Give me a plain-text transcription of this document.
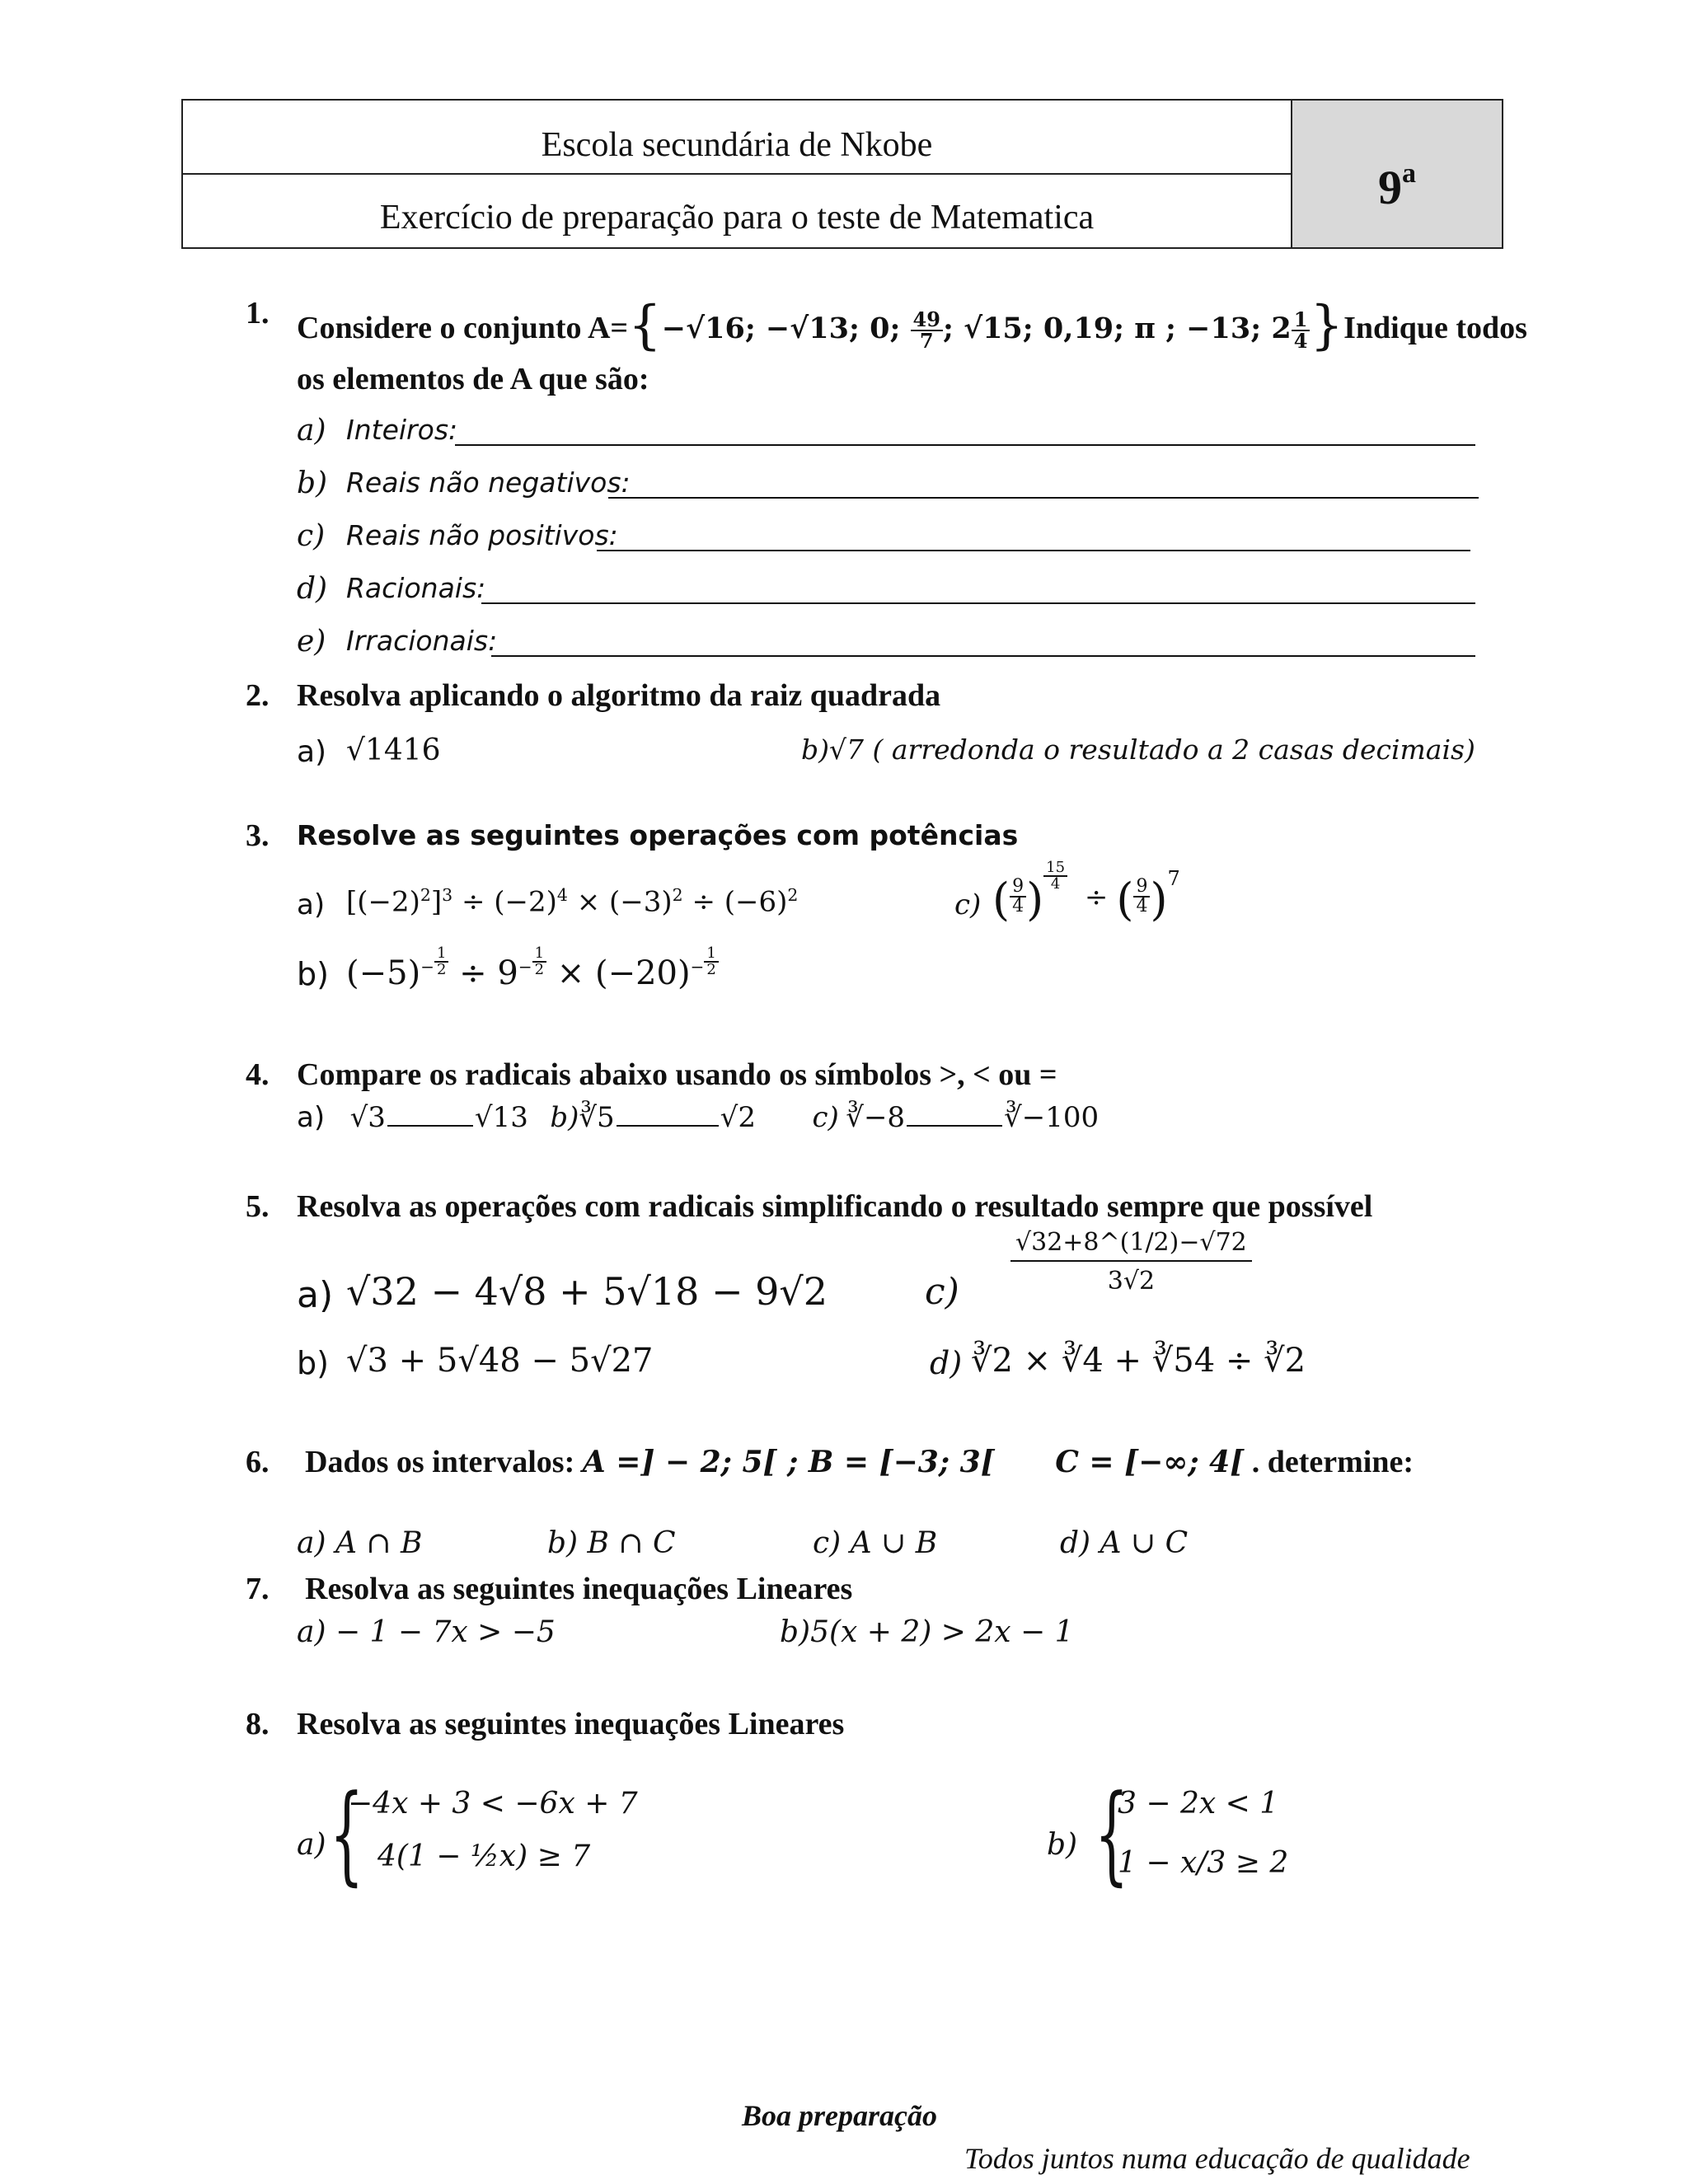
Escola secundária de Nkobe
Exercício de preparação para o teste de Matematica
9$^a$
1. Considere o conjunto A={−√16; −√13; 0; $\frac{49}{7}$ ; √15; 0,19; π ; −13; $2 \frac{1}{4}$ }Indique todos
os elementos de A que são:
a) Inteiros:
b) Reais não negativos:
c) Reais não positivos:
d) Racionais:
e) Irracionais:
2. Resolva aplicando o algoritmo da raiz quadrada
a) √1416	b)√7 ( arredonda o resultado a 2 casas decimais)
3. Resolve as seguintes operações com potências
a) $[(-2)^2]^3 \div (-2)^4 \times (-3)^2 \div (-6)^2$	c) ( $\frac{9}{4}$ ) $\frac{15}{4}$
÷ ( $\frac{9}{4} )^7$
b) $(-5)^- \frac{1}{2} \div 9^- \frac{1}{2} \times (-20)^- \frac{1}{2}$
4. Compare os radicais abaixo usando os símbolos >, < ou =
a) √3	√13 b)∛5	√2 c) ∛−8	∛−100
5. Resolva as operações com radicais simplificando o resultado sempre que possível
a) √32 − 4√8 + 5√18 − 9√2	$c) \frac{√32+8\^{}(1/2)-√72}{3√2}$
b) √3 + 5√48 − 5√27	d) ∛2 × ∛4 + ∛54 ÷ ∛2
6. Dados os intervalos: A =] − 2; 5[ ; B = [−3; 3[ C = [−∞; 4[ . determine:
a) A ∩ B	b) B ∩ C	c) A ∪ B	d) A ∪ C
7. Resolva as seguintes inequações Lineares
a) − 1 − 7x > −5	b)5(x + 2) > 2x − 1
8. Resolva as seguintes inequações Lineares
a) {
−4x + 3 < −6x + 7
4(1 − ½x) ≥ 7	b) {
3 − 2x < 1
1 − x/3 ≥ 2
Boa preparação
Todos juntos numa educação de qualidade
